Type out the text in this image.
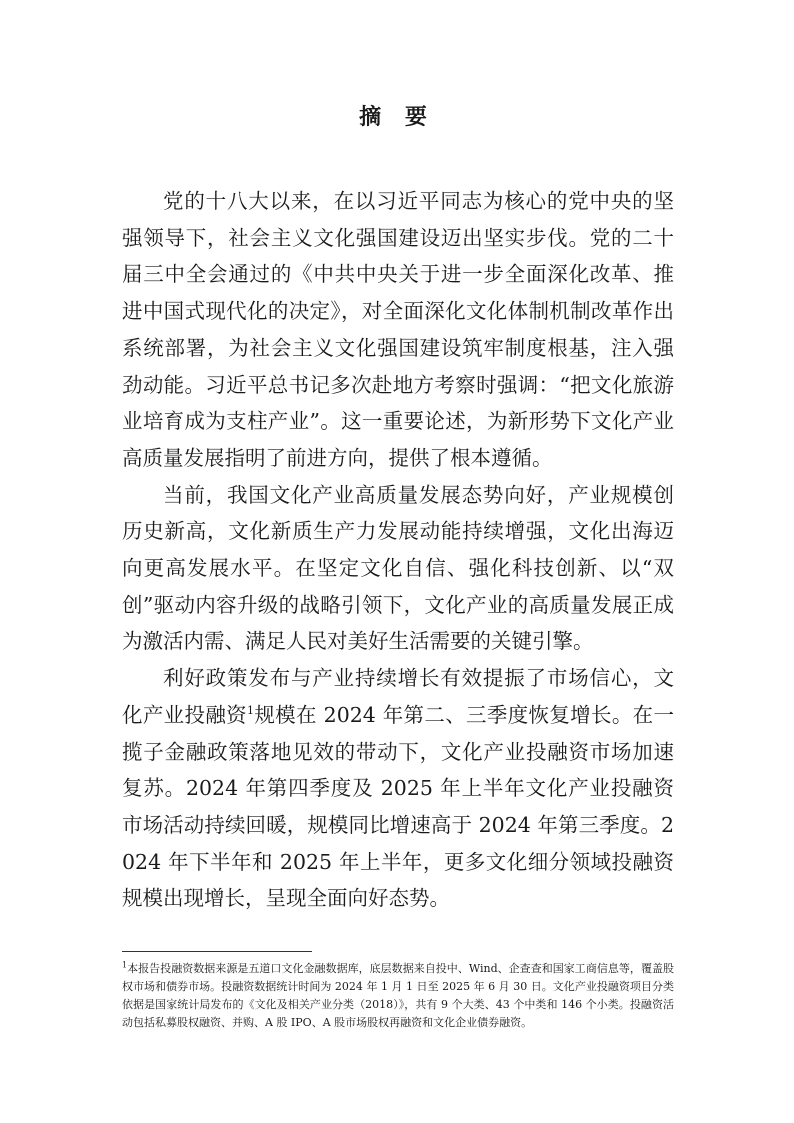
摘 要

党的十八大以来，在以习近平同志为核心的党中央的坚强领导下，社会主义文化强国建设迈出坚实步伐。党的二十届三中全会通过的《中共中央关于进一步全面深化改革、推进中国式现代化的决定》，对全面深化文化体制机制改革作出系统部署，为社会主义文化强国建设筑牢制度根基，注入强劲动能。习近平总书记多次赴地方考察时强调：“把文化旅游业培育成为支柱产业”。这一重要论述，为新形势下文化产业高质量发展指明了前进方向，提供了根本遵循。

当前，我国文化产业高质量发展态势向好，产业规模创历史新高，文化新质生产力发展动能持续增强，文化出海迈向更高发展水平。在坚定文化自信、强化科技创新、以“双创”驱动内容升级的战略引领下，文化产业的高质量发展正成为激活内需、满足人民对美好生活需要的关键引擎。

利好政策发布与产业持续增长有效提振了市场信心，文化产业投融资$^1$规模在 2024 年第二、三季度恢复增长。在一揽子金融政策落地见效的带动下，文化产业投融资市场加速复苏。2024 年第四季度及 2025 年上半年文化产业投融资市场活动持续回暖，规模同比增速高于 2024 年第三季度。2024 年下半年和 2025 年上半年，更多文化细分领域投融资规模出现增长，呈现全面向好态势。

$^1$本报告投融资数据来源是五道口文化金融数据库，底层数据来自投中、Wind、企查查和国家工商信息等，覆盖股权市场和债券市场。投融资数据统计时间为 2024 年 1 月 1 日至 2025 年 6 月 30 日。文化产业投融资项目分类依据是国家统计局发布的《文化及相关产业分类（2018）》，共有 9 个大类、43 个中类和 146 个小类。投融资活动包括私募股权融资、并购、A 股 IPO、A 股市场股权再融资和文化企业债券融资。
